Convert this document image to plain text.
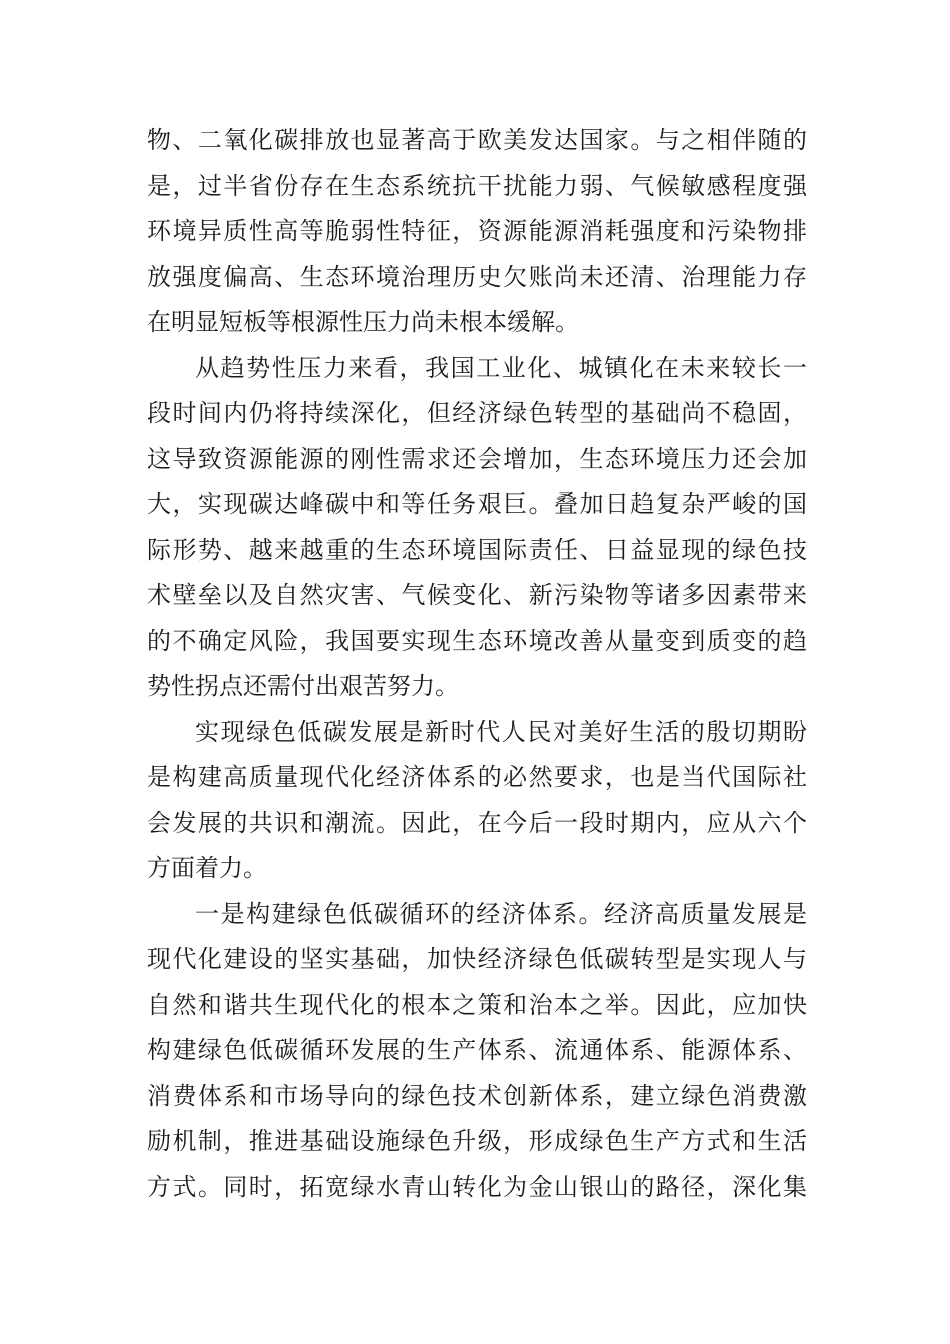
物、二氧化碳排放也显著高于欧美发达国家。与之相伴随的
是，过半省份存在生态系统抗干扰能力弱、气候敏感程度强
环境异质性高等脆弱性特征，资源能源消耗强度和污染物排
放强度偏高、生态环境治理历史欠账尚未还清、治理能力存
在明显短板等根源性压力尚未根本缓解。
从趋势性压力来看，我国工业化、城镇化在未来较长一
段时间内仍将持续深化，但经济绿色转型的基础尚不稳固，
这导致资源能源的刚性需求还会增加，生态环境压力还会加
大，实现碳达峰碳中和等任务艰巨。叠加日趋复杂严峻的国
际形势、越来越重的生态环境国际责任、日益显现的绿色技
术壁垒以及自然灾害、气候变化、新污染物等诸多因素带来
的不确定风险，我国要实现生态环境改善从量变到质变的趋
势性拐点还需付出艰苦努力。
实现绿色低碳发展是新时代人民对美好生活的殷切期盼
是构建高质量现代化经济体系的必然要求，也是当代国际社
会发展的共识和潮流。因此，在今后一段时期内，应从六个
方面着力。
一是构建绿色低碳循环的经济体系。经济高质量发展是
现代化建设的坚实基础，加快经济绿色低碳转型是实现人与
自然和谐共生现代化的根本之策和治本之举。因此，应加快
构建绿色低碳循环发展的生产体系、流通体系、能源体系、
消费体系和市场导向的绿色技术创新体系，建立绿色消费激
励机制，推进基础设施绿色升级，形成绿色生产方式和生活
方式。同时，拓宽绿水青山转化为金山银山的路径，深化集
